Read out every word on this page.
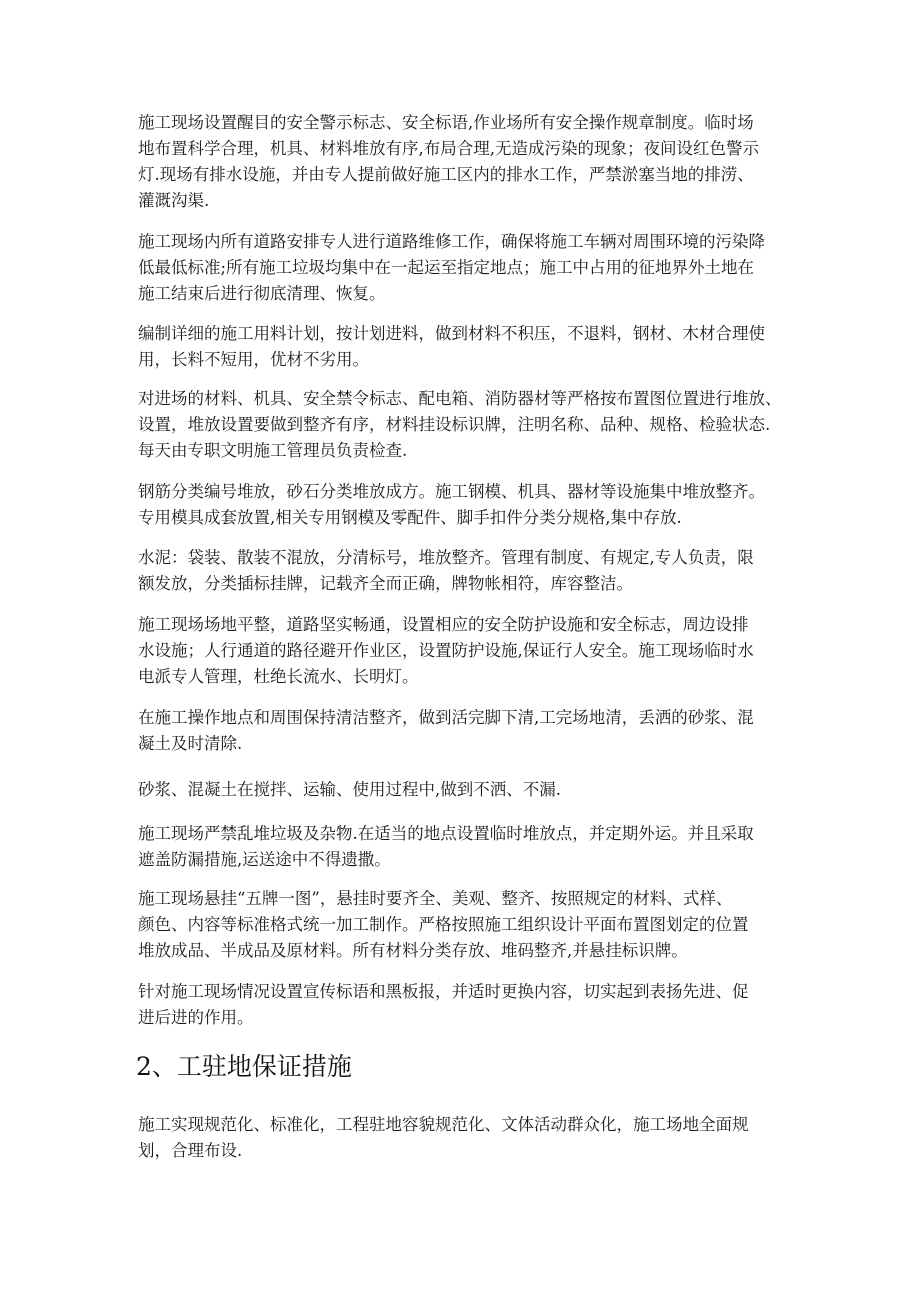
施工现场设置醒目的安全警示标志、安全标语,作业场所有安全操作规章制度。临时场
地布置科学合理，机具、材料堆放有序,布局合理,无造成污染的现象；夜间设红色警示
灯.现场有排水设施，并由专人提前做好施工区内的排水工作，严禁淤塞当地的排涝、
灌溉沟渠.

施工现场内所有道路安排专人进行道路维修工作，确保将施工车辆对周围环境的污染降
低最低标准;所有施工垃圾均集中在一起运至指定地点；施工中占用的征地界外土地在
施工结束后进行彻底清理、恢复。

编制详细的施工用料计划，按计划进料，做到材料不积压，不退料，钢材、木材合理使
用，长料不短用，优材不劣用。

对进场的材料、机具、安全禁令标志、配电箱、消防器材等严格按布置图位置进行堆放、
设置，堆放设置要做到整齐有序，材料挂设标识牌，注明名称、品种、规格、检验状态.
每天由专职文明施工管理员负责检查.

钢筋分类编号堆放，砂石分类堆放成方。施工钢模、机具、器材等设施集中堆放整齐。
专用模具成套放置,相关专用钢模及零配件、脚手扣件分类分规格,集中存放.

水泥：袋装、散装不混放，分清标号，堆放整齐。管理有制度、有规定,专人负责，限
额发放，分类插标挂牌，记载齐全而正确，牌物帐相符，库容整洁。

施工现场场地平整，道路坚实畅通，设置相应的安全防护设施和安全标志，周边设排
水设施；人行通道的路径避开作业区，设置防护设施,保证行人安全。施工现场临时水
电派专人管理，杜绝长流水、长明灯。

在施工操作地点和周围保持清洁整齐，做到活完脚下清,工完场地清，丢洒的砂浆、混
凝土及时清除.

砂浆、混凝土在搅拌、运输、使用过程中,做到不洒、不漏.

施工现场严禁乱堆垃圾及杂物.在适当的地点设置临时堆放点，并定期外运。并且采取
遮盖防漏措施,运送途中不得遗撒。

施工现场悬挂“五牌一图”，悬挂时要齐全、美观、整齐、按照规定的材料、式样、
颜色、内容等标准格式统一加工制作。严格按照施工组织设计平面布置图划定的位置
堆放成品、半成品及原材料。所有材料分类存放、堆码整齐,并悬挂标识牌。

针对施工现场情况设置宣传标语和黑板报，并适时更换内容，切实起到表扬先进、促
进后进的作用。

2、工驻地保证措施

施工实现规范化、标准化，工程驻地容貌规范化、文体活动群众化，施工场地全面规
划，合理布设.
